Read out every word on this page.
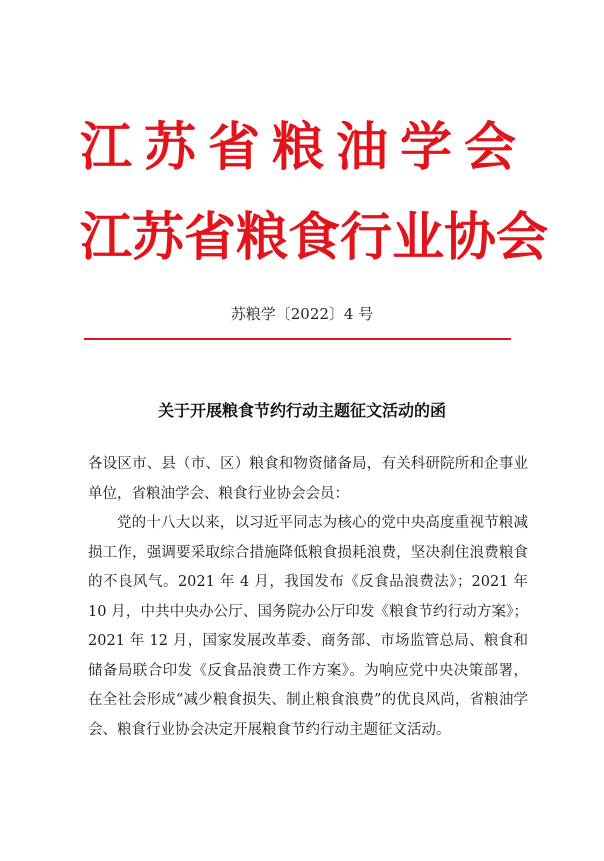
江苏省粮油学会
江苏省粮食行业协会
苏粮学〔2022〕4 号
关于开展粮食节约行动主题征文活动的函

各设区市、县（市、区）粮食和物资储备局，有关科研院所和企事业单位，省粮油学会、粮食行业协会会员：

党的十八大以来，以习近平同志为核心的党中央高度重视节粮减损工作，强调要采取综合措施降低粮食损耗浪费，坚决刹住浪费粮食的不良风气。2021 年 4 月，我国发布《反食品浪费法》；2021 年 10 月，中共中央办公厅、国务院办公厅印发《粮食节约行动方案》；2021 年 12 月，国家发展改革委、商务部、市场监管总局、粮食和储备局联合印发《反食品浪费工作方案》。为响应党中央决策部署，在全社会形成“减少粮食损失、制止粮食浪费”的优良风尚，省粮油学会、粮食行业协会决定开展粮食节约行动主题征文活动。
